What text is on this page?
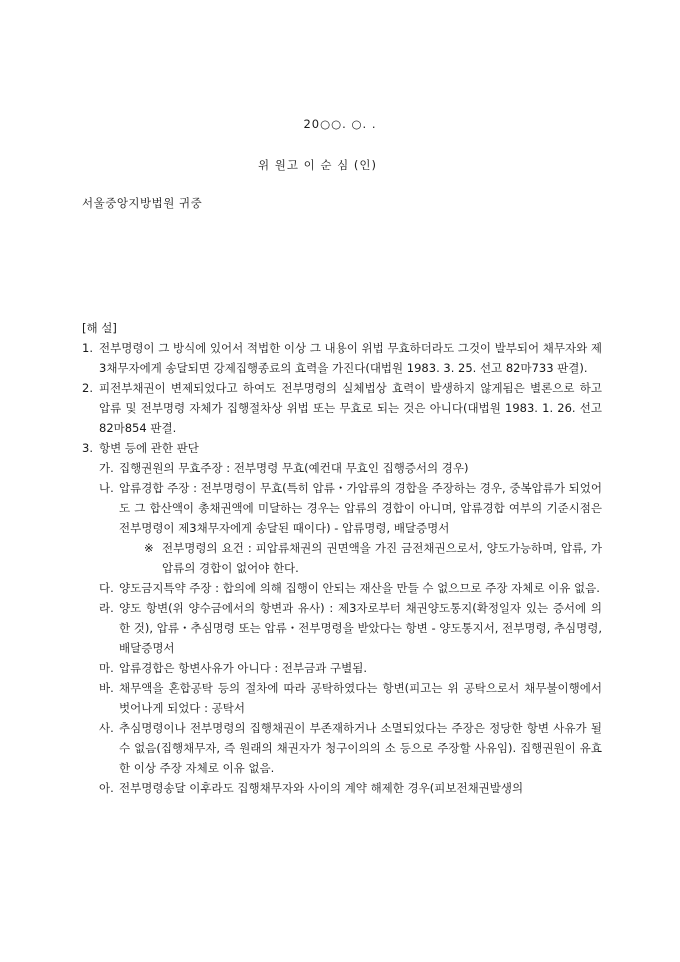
20○○. ○. .
위 원고 이 순 심 (인)
서울중앙지방법원 귀중

[해 설]

1. 전부명령이 그 방식에 있어서 적법한 이상 그 내용이 위법 무효하더라도 그것이 발부되어 채무자와 제3채무자에게 송달되면 강제집행종료의 효력을 가진다(대법원 1983. 3. 25. 선고 82마733 판결).
2. 피전부채권이 변제되었다고 하여도 전부명령의 실체법상 효력이 발생하지 않게됨은 별론으로 하고 압류 및 전부명령 자체가 집행절차상 위법 또는 무효로 되는 것은 아니다(대법원 1983. 1. 26. 선고 82마854 판결.
3. 항변 등에 관한 판단
가. 집행권원의 무효주장 : 전부명령 무효(예컨대 무효인 집행증서의 경우)
나. 압류경합 주장 : 전부명령이 무효(특히 압류・가압류의 경합을 주장하는 경우, 중복압류가 되었어도 그 합산액이 총채권액에 미달하는 경우는 압류의 경합이 아니며, 압류경합 여부의 기준시점은 전부명령이 제3채무자에게 송달된 때이다) - 압류명령, 배달증명서
※ 전부명령의 요건 : 피압류채권의 권면액을 가진 금전채권으로서, 양도가능하며, 압류, 가압류의 경합이 없어야 한다.
다. 양도금지특약 주장 : 합의에 의해 집행이 안되는 재산을 만들 수 없으므로 주장 자체로 이유 없음.
라. 양도 항변(위 양수금에서의 항변과 유사) : 제3자로부터 채권양도통지(확정일자 있는 증서에 의한 것), 압류・추심명령 또는 압류・전부명령을 받았다는 항변 - 양도통지서, 전부명령, 추심명령, 배달증명서
마. 압류경합은 항변사유가 아니다 : 전부금과 구별됨.
바. 채무액을 혼합공탁 등의 절차에 따라 공탁하였다는 항변(피고는 위 공탁으로서 채무불이행에서 벗어나게 되었다 : 공탁서
사. 추심명령이나 전부명령의 집행채권이 부존재하거나 소멸되었다는 주장은 정당한 항변 사유가 될 수 없음(집행채무자, 즉 원래의 채권자가 청구이의의 소 등으로 주장할 사유임). 집행권원이 유효한 이상 주장 자체로 이유 없음.
아. 전부명령송달 이후라도 집행채무자와 사이의 계약 해제한 경우(피보전채권발생의
